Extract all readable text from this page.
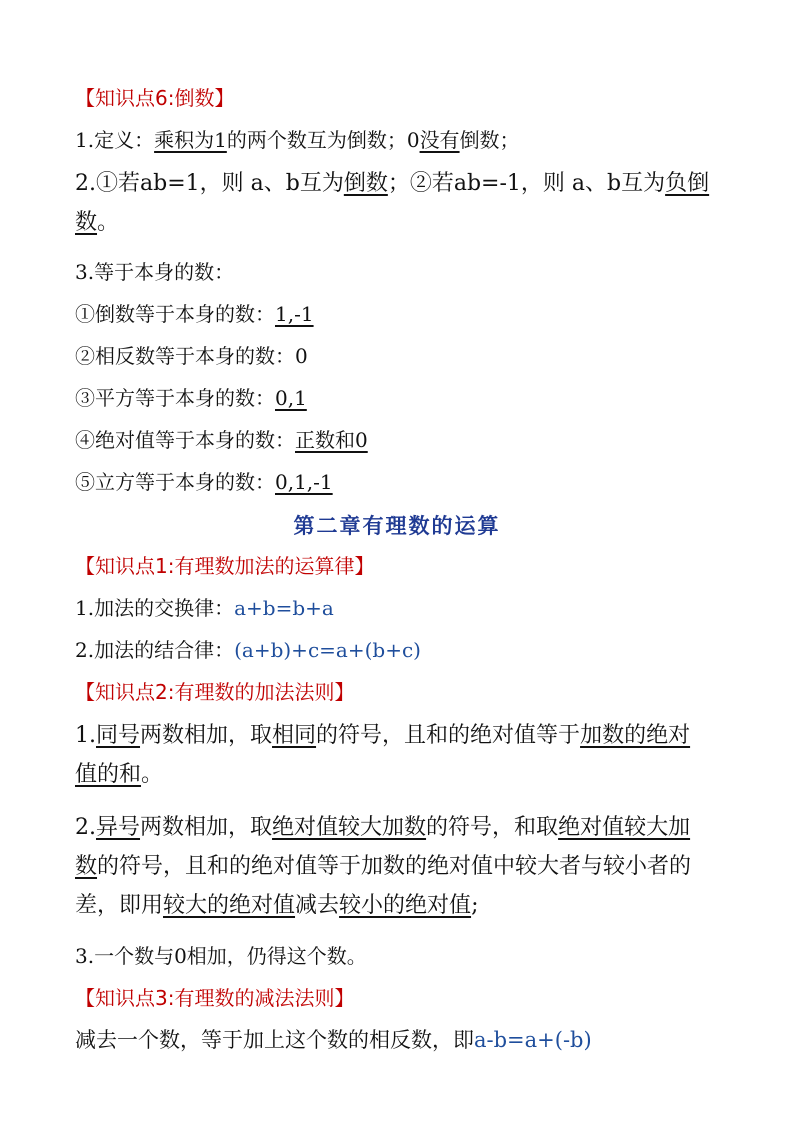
【知识点6:倒数】
1.定义：乘积为1的两个数互为倒数；0没有倒数；
2.①若ab=1，则 a、b互为倒数；②若ab=-1，则 a、b互为负倒
数。
3.等于本身的数：
①倒数等于本身的数：1,-1
②相反数等于本身的数：0
③平方等于本身的数：0,1
④绝对值等于本身的数：正数和0
⑤立方等于本身的数：0,1,-1
第二章有理数的运算
【知识点1:有理数加法的运算律】
1.加法的交换律：a+b=b+a
2.加法的结合律：(a+b)+c=a+(b+c)
【知识点2:有理数的加法法则】
1.同号两数相加，取相同的符号，且和的绝对值等于加数的绝对
值的和。
2.异号两数相加，取绝对值较大加数的符号，和取绝对值较大加
数的符号，且和的绝对值等于加数的绝对值中较大者与较小者的
差，即用较大的绝对值减去较小的绝对值;
3.一个数与0相加，仍得这个数。
【知识点3:有理数的减法法则】
减去一个数，等于加上这个数的相反数，即a-b=a+(-b)
